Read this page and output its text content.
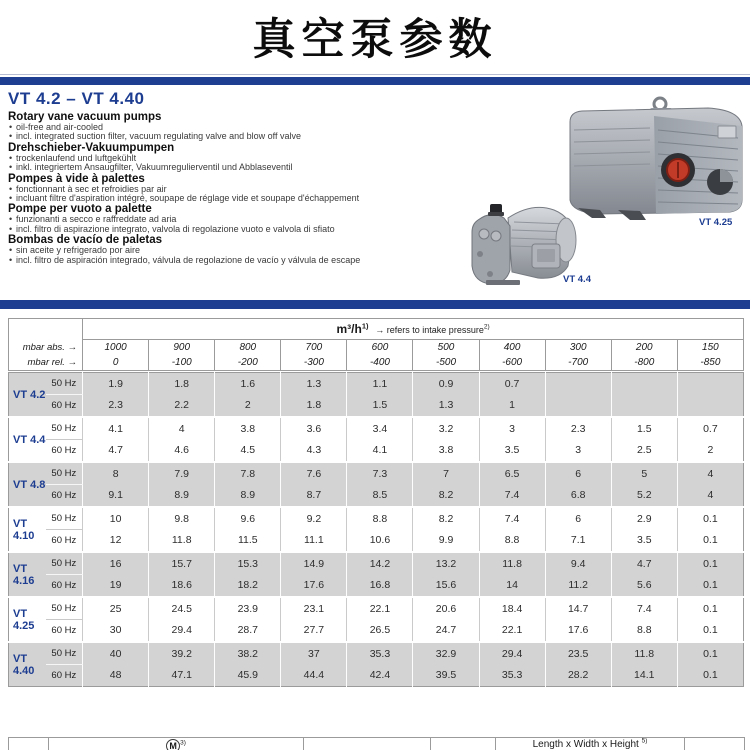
真空泵参数
VT 4.2 – VT 4.40
Rotary vane vacuum pumps

• oil-free and air-cooled

• incl. integrated suction filter, vacuum regulating valve and blow off valve

Drehschieber-Vakuumpumpen

• trockenlaufend und luftgekühlt

• inkl. integriertem Ansaugfilter, Vakuumregulierventil und Abblaseventil

Pompes à vide à palettes

• fonctionnant à sec et refroidies par air

• incluant filtre d'aspiration intégré, soupape de réglage vide et soupape d'échappement

Pompe per vuoto a palette

• funzionanti a secco e raffreddate ad aria

• incl. filtro di aspirazione integrato, valvola di regolazione vuoto e valvola di sfiato

Bombas de vacío de paletas

• sin aceite y refrigerado por aire

• incl. filtro de aspiración integrado, válvula de regolazione de vacío y válvula de escape

VT 4.25
VT 4.4
	$m^3/h^{1)}$ → refers to intake pressure$^{2)}$
mbar abs. →	1000	900	800	700	600	500	400	300	200	150
mbar rel. →	0	-100	-200	-300	-400	-500	-600	-700	-800	-850
VT 4.2	50 Hz	1.9	1.8	1.6	1.3	1.1	0.9	0.7			
	60 Hz	2.3	2.2	2	1.8	1.5	1.3	1			
VT 4.4	50 Hz	4.1	4	3.8	3.6	3.4	3.2	3	2.3	1.5	0.7
	60 Hz	4.7	4.6	4.5	4.3	4.1	3.8	3.5	3	2.5	2
VT 4.8	50 Hz	8	7.9	7.8	7.6	7.3	7	6.5	6	5	4
	60 Hz	9.1	8.9	8.9	8.7	8.5	8.2	7.4	6.8	5.2	4
VT 4.10	50 Hz	10	9.8	9.6	9.2	8.8	8.2	7.4	6	2.9	0.1
	60 Hz	12	11.8	11.5	11.1	10.6	9.9	8.8	7.1	3.5	0.1
VT 4.16	50 Hz	16	15.7	15.3	14.9	14.2	13.2	11.8	9.4	4.7	0.1
	60 Hz	19	18.6	18.2	17.6	16.8	15.6	14	11.2	5.6	0.1
VT 4.25	50 Hz	25	24.5	23.9	23.1	22.1	20.6	18.4	14.7	7.4	0.1
	60 Hz	30	29.4	28.7	27.7	26.5	24.7	22.1	17.6	8.8	0.1
VT 4.40	50 Hz	40	39.2	38.2	37	35.3	32.9	29.4	23.5	11.8	0.1
	60 Hz	48	47.1	45.9	44.4	42.4	39.5	35.3	28.2	14.1	0.1
	M $^{3)}$			Length x Width x Height $^{5)}$	
